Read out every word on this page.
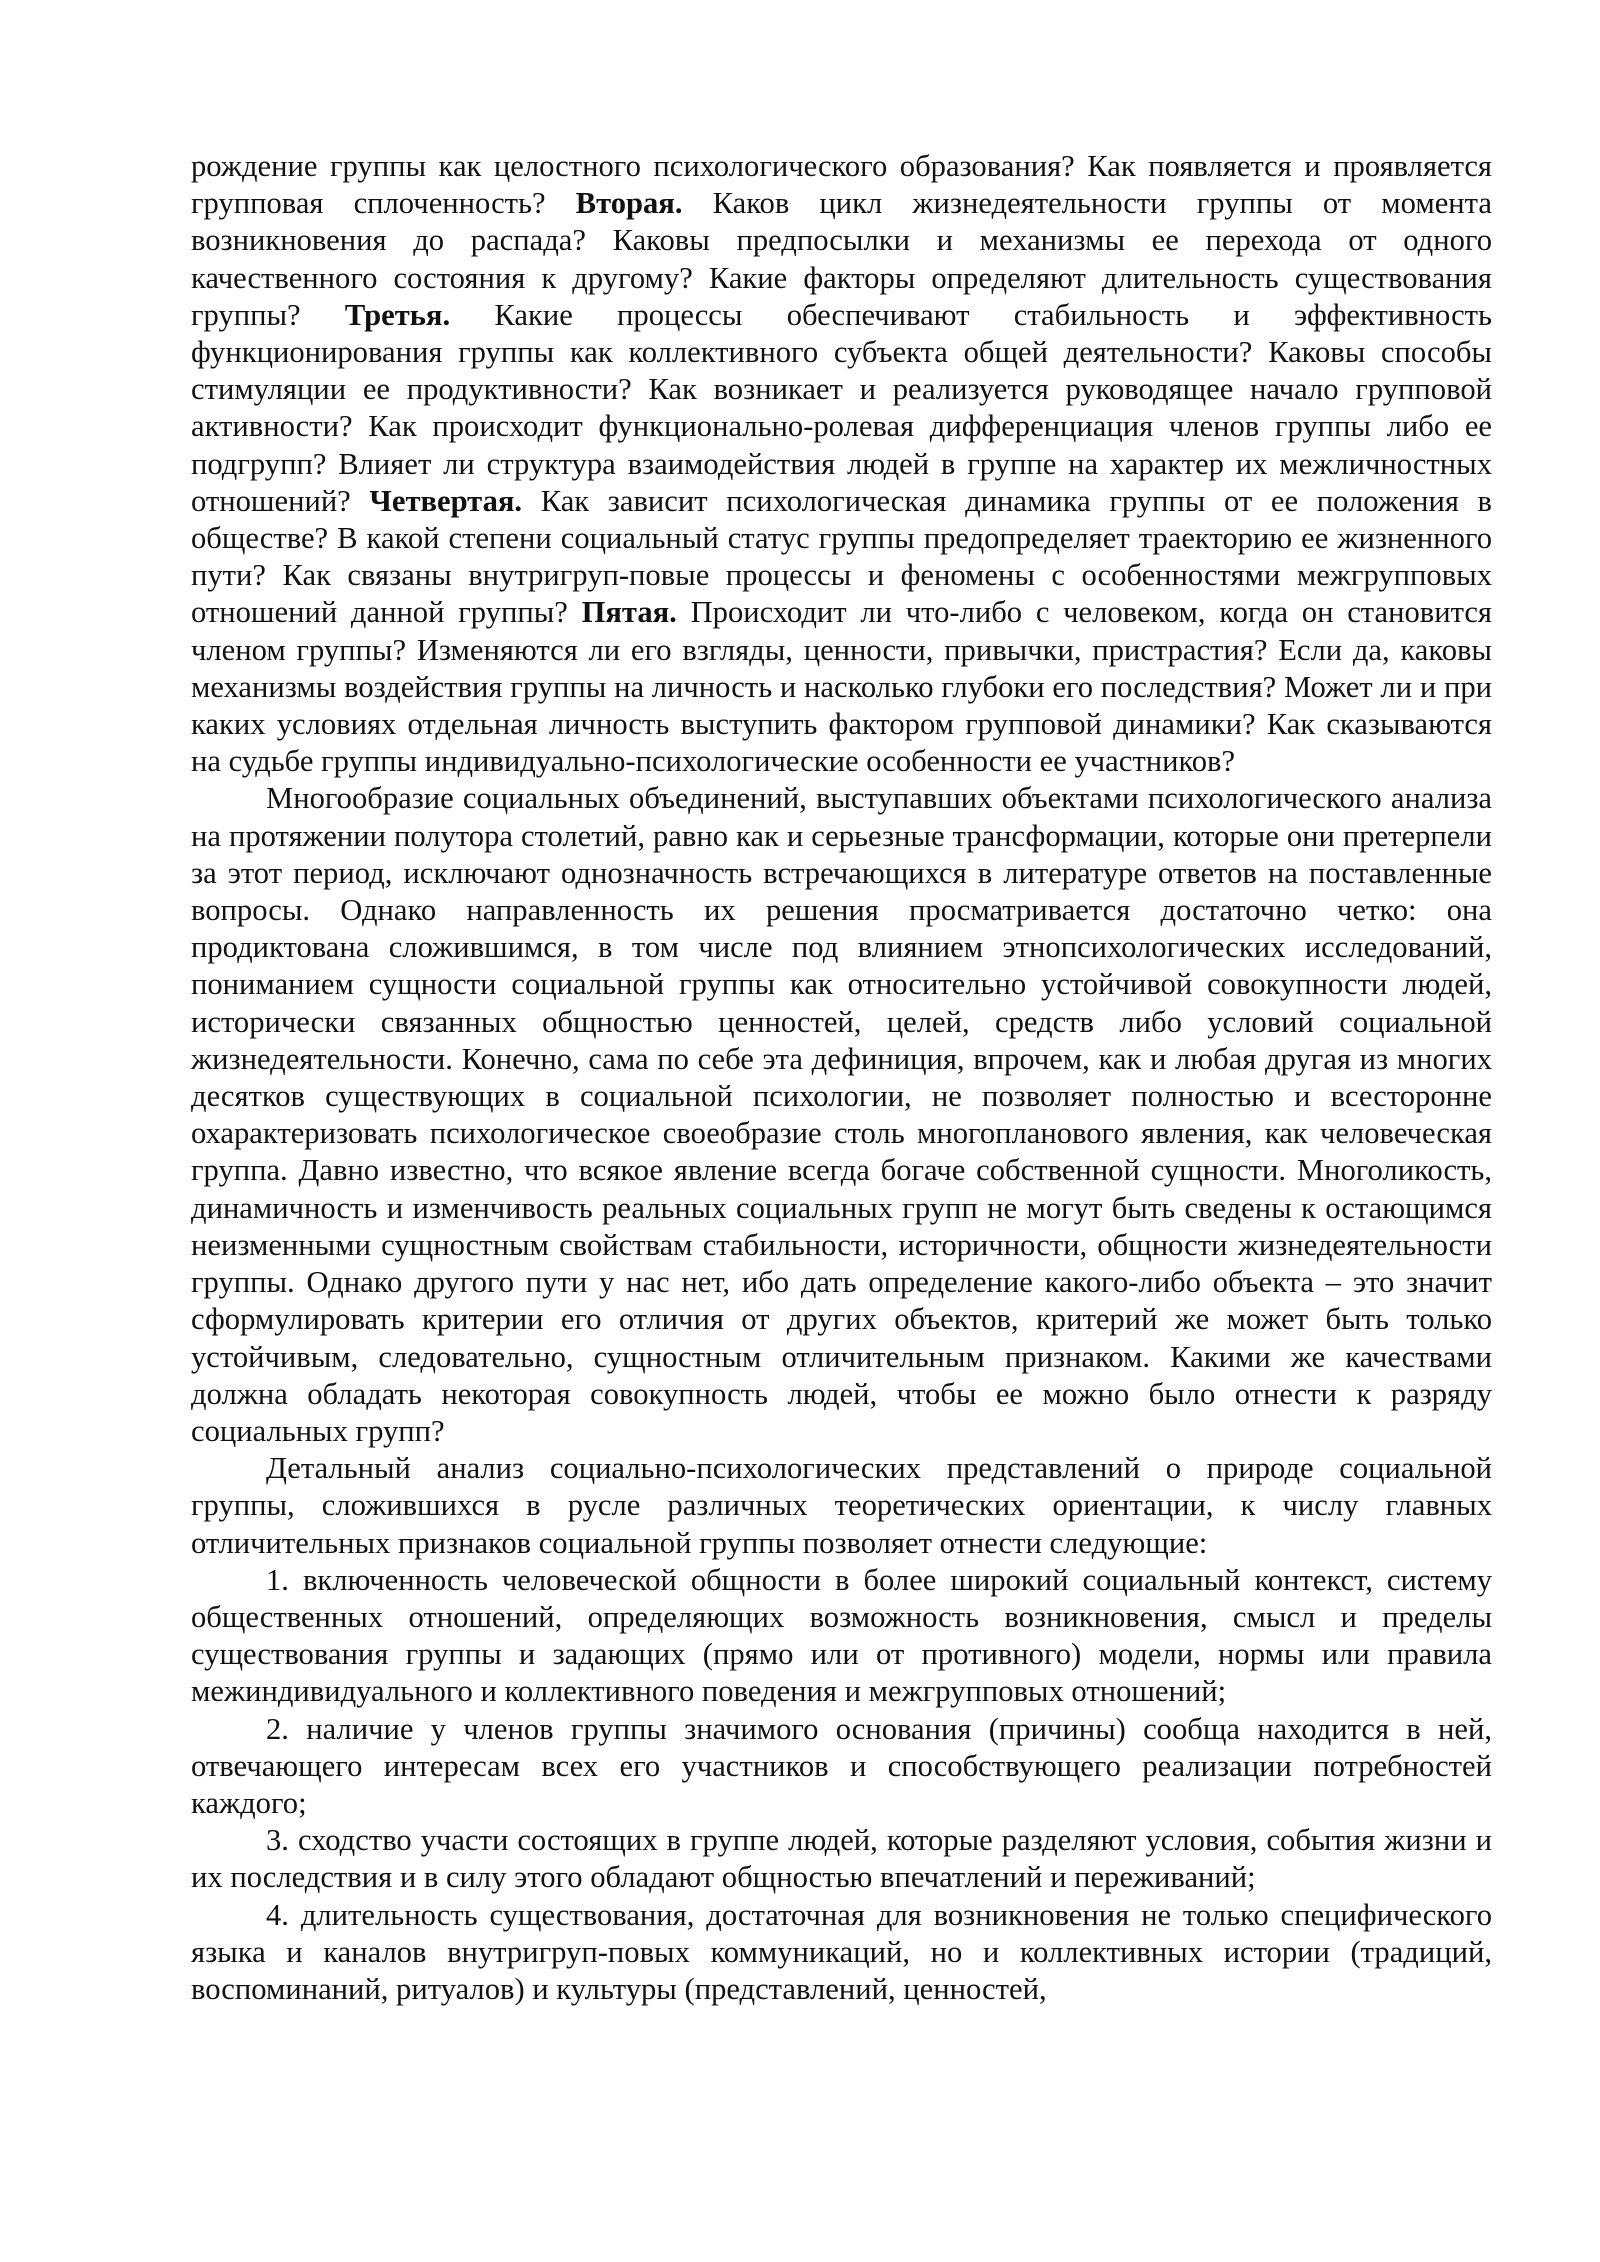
рождение группы как целостного психологического образования? Как появляется и проявляется групповая сплоченность? Вторая. Каков цикл жизнедеятельности группы от момента возникновения до распада? Каковы предпосылки и механизмы ее перехода от одного качественного состояния к другому? Какие факторы определяют длительность существования группы? Третья. Какие процессы обеспечивают стабильность и эффективность функционирования группы как коллективного субъекта общей деятельности? Каковы способы стимуляции ее продуктивности? Как возникает и реализуется руководящее начало групповой активности? Как происходит функционально-ролевая дифференциация членов группы либо ее подгрупп? Влияет ли структура взаимодействия людей в группе на характер их межличностных отношений? Четвертая. Как зависит психологическая динамика группы от ее положения в обществе? В какой степени социальный статус группы предопределяет траекторию ее жизненного пути? Как связаны внутригруп-повые процессы и феномены с особенностями межгрупповых отношений данной группы? Пятая. Происходит ли что-либо с человеком, когда он становится членом группы? Изменяются ли его взгляды, ценности, привычки, пристрастия? Если да, каковы механизмы воздействия группы на личность и насколько глубоки его последствия? Может ли и при каких условиях отдельная личность выступить фактором групповой динамики? Как сказываются на судьбе группы индивидуально-психологические особенности ее участников?

Многообразие социальных объединений, выступавших объектами психологического анализа на протяжении полутора столетий, равно как и серьезные трансформации, которые они претерпели за этот период, исключают однозначность встречающихся в литературе ответов на поставленные вопросы. Однако направленность их решения просматривается достаточно четко: она продиктована сложившимся, в том числе под влиянием этнопсихологических исследований, пониманием сущности социальной группы как относительно устойчивой совокупности людей, исторически связанных общностью ценностей, целей, средств либо условий социальной жизнедеятельности. Конечно, сама по себе эта дефиниция, впрочем, как и любая другая из многих десятков существующих в социальной психологии, не позволяет полностью и всесторонне охарактеризовать психологическое своеобразие столь многопланового явления, как человеческая группа. Давно известно, что всякое явление всегда богаче собственной сущности. Многоликость, динамичность и изменчивость реальных социальных групп не могут быть сведены к остающимся неизменными сущностным свойствам стабильности, историчности, общности жизнедеятельности группы. Однако другого пути у нас нет, ибо дать определение какого-либо объекта – это значит сформулировать критерии его отличия от других объектов, критерий же может быть только устойчивым, следовательно, сущностным отличительным признаком. Какими же качествами должна обладать некоторая совокупность людей, чтобы ее можно было отнести к разряду социальных групп?

Детальный анализ социально-психологических представлений о природе социальной группы, сложившихся в русле различных теоретических ориентации, к числу главных отличительных признаков социальной группы позволяет отнести следующие:

1. включенность человеческой общности в более широкий социальный контекст, систему общественных отношений, определяющих возможность возникновения, смысл и пределы существования группы и задающих (прямо или от противного) модели, нормы или правила межиндивидуального и коллективного поведения и межгрупповых отношений;

2. наличие у членов группы значимого основания (причины) сообща находится в ней, отвечающего интересам всех его участников и способствующего реализации потребностей каждого;

3. сходство участи состоящих в группе людей, которые разделяют условия, события жизни и их последствия и в силу этого обладают общностью впечатлений и переживаний;

4. длительность существования, достаточная для возникновения не только специфического языка и каналов внутригруп-повых коммуникаций, но и коллективных истории (традиций, воспоминаний, ритуалов) и культуры (представлений, ценностей,
